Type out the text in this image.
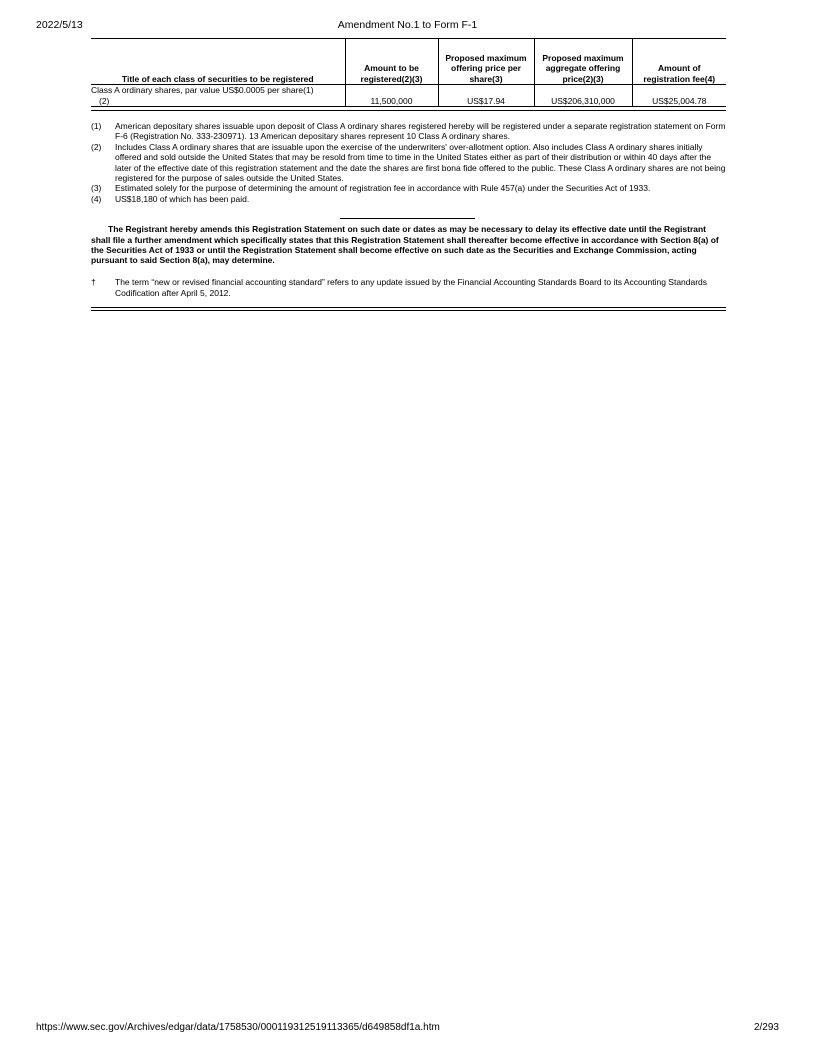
2022/5/13	Amendment No.1 to Form F-1
Title of each class of securities to be registered	Amount to be registered(2)(3)	Proposed maximum offering price per share(3)	Proposed maximum aggregate offering price(2)(3)	Amount of registration fee(4)
Class A ordinary shares, par value US$0.0005 per share(1)
(2)	11,500,000	US$17.94	US$206,310,000	US$25,004.78
(1)	American depositary shares issuable upon deposit of Class A ordinary shares registered hereby will be registered under a separate registration statement on Form F-6 (Registration No. 333-230971). 13 American depositary shares represent 10 Class A ordinary shares.
(2)	Includes Class A ordinary shares that are issuable upon the exercise of the underwriters' over-allotment option. Also includes Class A ordinary shares initially offered and sold outside the United States that may be resold from time to time in the United States either as part of their distribution or within 40 days after the later of the effective date of this registration statement and the date the shares are first bona fide offered to the public. These Class A ordinary shares are not being registered for the purpose of sales outside the United States.
(3)	Estimated solely for the purpose of determining the amount of registration fee in accordance with Rule 457(a) under the Securities Act of 1933.
(4)	US$18,180 of which has been paid.

The Registrant hereby amends this Registration Statement on such date or dates as may be necessary to delay its effective date until the Registrant shall file a further amendment which specifically states that this Registration Statement shall thereafter become effective in accordance with Section 8(a) of the Securities Act of 1933 or until the Registration Statement shall become effective on such date as the Securities and Exchange Commission, acting pursuant to said Section 8(a), may determine.

†	The term “new or revised financial accounting standard” refers to any update issued by the Financial Accounting Standards Board to its Accounting Standards Codification after April 5, 2012.
https://www.sec.gov/Archives/edgar/data/1758530/000119312519113365/d649858df1a.htm	2/293
